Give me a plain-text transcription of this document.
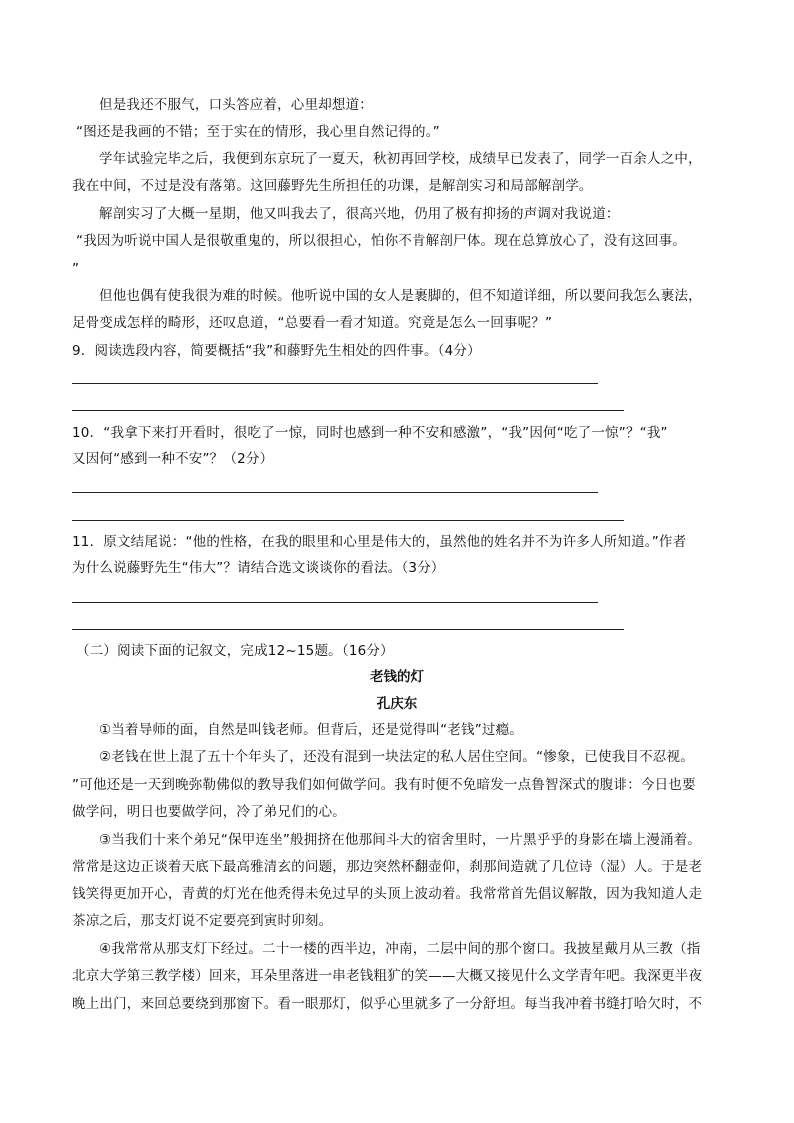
但是我还不服气，口头答应着，心里却想道：
“图还是我画的不错；至于实在的情形，我心里自然记得的。”
学年试验完毕之后，我便到东京玩了一夏天，秋初再回学校，成绩早已发表了，同学一百余人之中，
我在中间，不过是没有落第。这回藤野先生所担任的功课，是解剖实习和局部解剖学。
解剖实习了大概一星期，他又叫我去了，很高兴地，仍用了极有抑扬的声调对我说道：
“我因为听说中国人是很敬重鬼的，所以很担心，怕你不肯解剖尸体。现在总算放心了，没有这回事。
”
但他也偶有使我很为难的时候。他听说中国的女人是裹脚的，但不知道详细，所以要问我怎么裹法，
足骨变成怎样的畸形，还叹息道，“总要看一看才知道。究竟是怎么一回事呢？”
9．阅读选段内容，简要概括“我”和藤野先生相处的四件事。（4分）
10．“我拿下来打开看时，很吃了一惊，同时也感到一种不安和感激”，“我”因何“吃了一惊”？“我”
又因何“感到一种不安”？（2分）
11．原文结尾说：“他的性格，在我的眼里和心里是伟大的，虽然他的姓名并不为许多人所知道。”作者
为什么说藤野先生“伟大”？请结合选文谈谈你的看法。（3分）
（二）阅读下面的记叙文，完成12~15题。（16分）
老钱的灯
孔庆东
①当着导师的面，自然是叫钱老师。但背后，还是觉得叫“老钱”过瘾。
②老钱在世上混了五十个年头了，还没有混到一块法定的私人居住空间。“惨象，已使我目不忍视。
”可他还是一天到晚弥勒佛似的教导我们如何做学问。我有时便不免暗发一点鲁智深式的腹诽：今日也要
做学问，明日也要做学问，冷了弟兄们的心。
③当我们十来个弟兄“保甲连坐”般拥挤在他那间斗大的宿舍里时，一片黑乎乎的身影在墙上漫涌着。
常常是这边正谈着天底下最高雅清玄的问题，那边突然杯翻壶仰，刹那间造就了几位诗（湿）人。于是老
钱笑得更加开心，青黄的灯光在他秃得未免过早的头顶上波动着。我常常首先倡议解散，因为我知道人走
茶凉之后，那支灯说不定要亮到寅时卯刻。
④我常常从那支灯下经过。二十一楼的西半边，冲南，二层中间的那个窗口。我披星戴月从三教（指
北京大学第三教学楼）回来，耳朵里落进一串老钱粗犷的笑——大概又接见什么文学青年吧。我深更半夜
晚上出门，来回总要绕到那窗下。看一眼那灯，似乎心里就多了一分舒坦。每当我冲着书缝打哈欠时，不
